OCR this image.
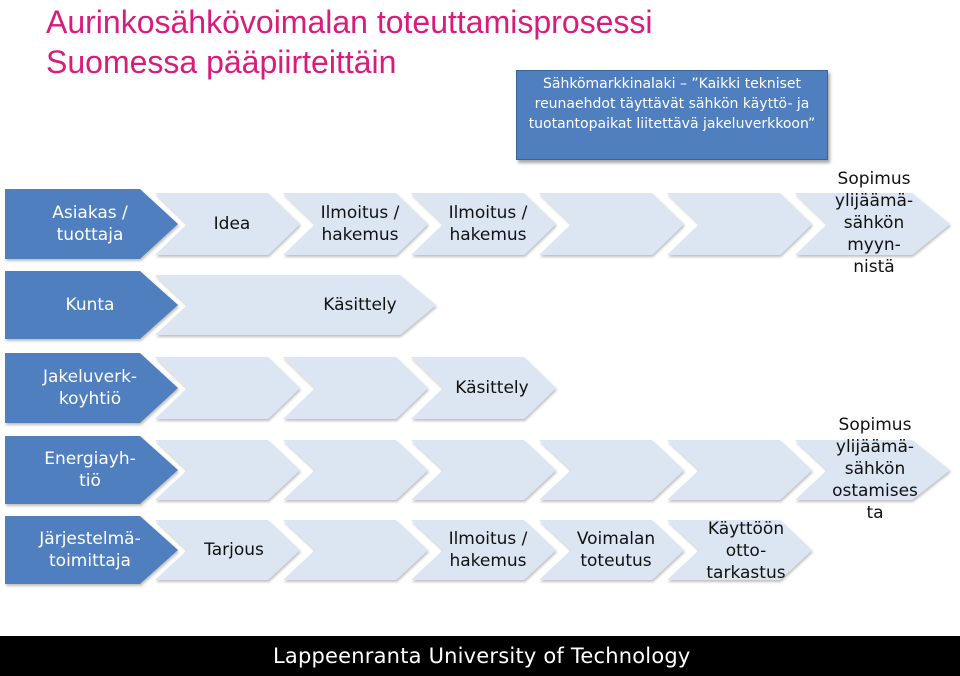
Aurinkosähkövoimalan toteuttamisprosessi
Suomessa pääpiirteittäin
Sähkömarkkinalaki – ”Kaikki tekniset reunaehdot täyttävät sähkön käyttö- ja tuotantopaikat liitettävä jakeluverkkoon”
Asiakas /
tuottaja
Kunta
Jakeluverk-
koyhtiö
Energiayh-
tiö
Järjestelmä-
toimittaja
Idea
Ilmoitus /
hakemus
Ilmoitus /
hakemus
Sopimus
ylijäämä-
sähkön
myyn-
nistä
Käsittely
Käsittely
Sopimus
ylijäämä-
sähkön
ostamises
ta
Tarjous
Ilmoitus /
hakemus
Voimalan
toteutus
Käyttöön
otto-
tarkastus
Lappeenranta University of Technology
